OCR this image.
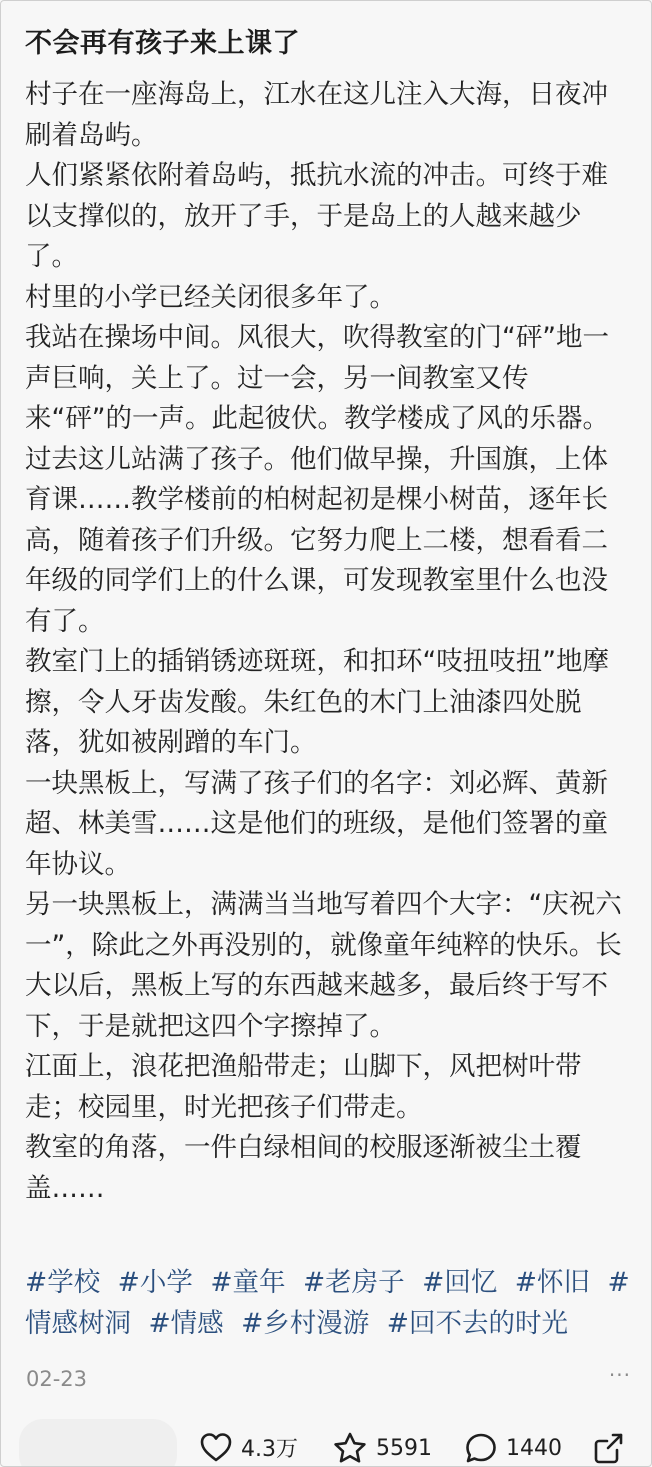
不会再有孩子来上课了

村子在一座海岛上，江水在这儿注入大海，日夜冲刷着岛屿。

人们紧紧依附着岛屿，抵抗水流的冲击。可终于难以支撑似的，放开了手，于是岛上的人越来越少了。

村里的小学已经关闭很多年了。

我站在操场中间。风很大，吹得教室的门“砰”地一声巨响，关上了。过一会，另一间教室又传来“砰”的一声。此起彼伏。教学楼成了风的乐器。

过去这儿站满了孩子。他们做早操，升国旗，上体育课……教学楼前的柏树起初是棵小树苗，逐年长高，随着孩子们升级。它努力爬上二楼，想看看二年级的同学们上的什么课，可发现教室里什么也没有了。

教室门上的插销锈迹斑斑，和扣环“吱扭吱扭”地摩擦，令人牙齿发酸。朱红色的木门上油漆四处脱落，犹如被剐蹭的车门。

一块黑板上，写满了孩子们的名字：刘必辉、黄新超、林美雪……这是他们的班级，是他们签署的童年协议。

另一块黑板上，满满当当地写着四个大字：“庆祝六一”，除此之外再没别的，就像童年纯粹的快乐。长大以后，黑板上写的东西越来越多，最后终于写不下，于是就把这四个字擦掉了。

江面上，浪花把渔船带走；山脚下，风把树叶带走；校园里，时光把孩子们带走。

教室的角落，一件白绿相间的校服逐渐被尘土覆盖……

#学校 #小学 #童年 #老房子 #回忆 #怀旧 #情感树洞 #情感 #乡村漫游 #回不去的时光
02-23	···
4.3万	5591	1440
